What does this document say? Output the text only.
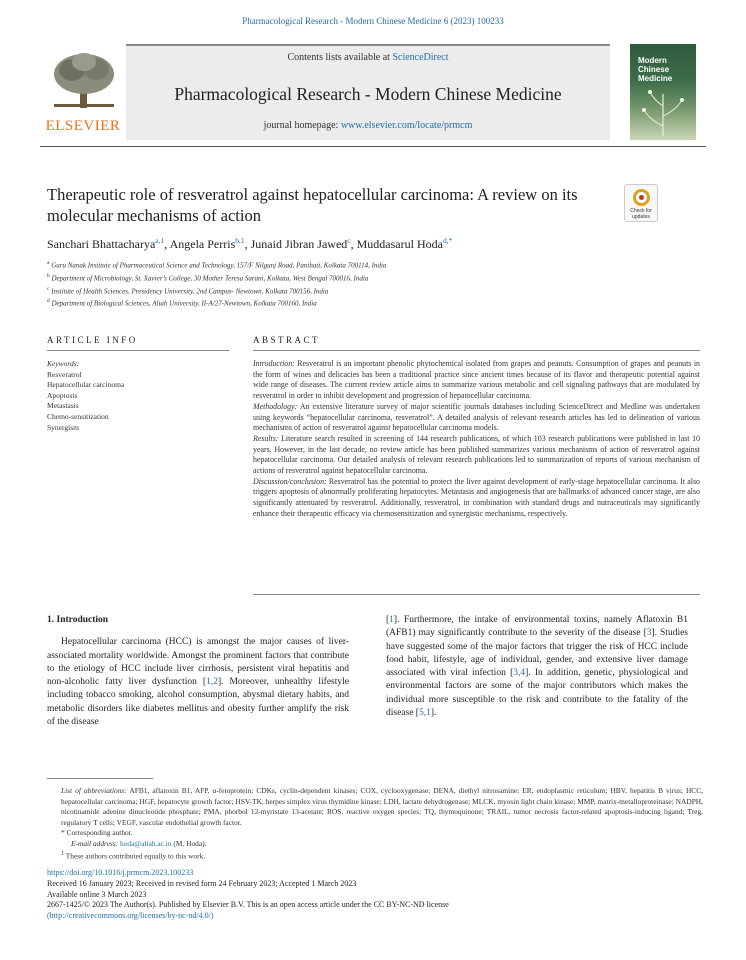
Pharmacological Research - Modern Chinese Medicine 6 (2023) 100233
ELSEVIER
Contents lists available at ScienceDirect
Pharmacological Research - Modern Chinese Medicine
journal homepage: www.elsevier.com/locate/prmcm
Modern
Chinese
Medicine
Therapeutic role of resveratrol against hepatocellular carcinoma: A review on its molecular mechanisms of action	Check for
updates
Sanchari Bhattacharya$^{a,1}$, Angela Perris$^{b,1}$, Junaid Jibran Jawed$^c$, Muddasarul Hoda$^{d,*}$
$^a$ Guru Nanak Institute of Pharmaceutical Science and Technology, 157/F Nilgunj Road, Panihati, Kolkata 700114, India
$^b$ Department of Microbiology, St. Xavier’s College, 30 Mother Teresa Sarani, Kolkata, West Bengal 700016, India
$^c$ Institute of Health Sciences, Presidency University, 2nd Campus- Newtown, Kolkata 700156, India
$^d$ Department of Biological Sciences, Aliah University, II-A/27-Newtown, Kolkata 700160, India
ARTICLE INFO	ABSTRACT
Keywords:
Resveratrol
Hepatocellular carcinoma
Apoptosis
Metastasis
Chemo-sensitization
Synergism

Introduction: Resveratrol is an important phenolic phytochemical isolated from grapes and peanuts. Consumption of grapes and peanuts in the form of wines and delicacies has been a traditional practice since ancient times because of its flavor and therapeutic potential against wide range of diseases. The current review article aims to summarize various metabolic and cell signaling pathways that are modulated by resveratrol in order to inhibit development and progression of hepatocellular carcinoma.

Methodology: An extensive literature survey of major scientific journals databases including ScienceDirect and Medline was undertaken using keywords “hepatocellular carcinoma, resveratrol”. A detailed analysis of relevant research articles has led to delineation of various mechanisms of action of resveratrol against hepatocellular carcinoma models.

Results: Literature search resulted in screening of 144 research publications, of which 103 research publications were published in last 10 years. However, in the last decade, no review article has been published summarizes various mechanisms of action of resveratrol against hepatocellular carcinoma. Our detailed analysis of relevant research publications led to summarization of reports of various mechanism of actions of resveratrol against hepatocellular carcinoma.

Discussion/conclusion: Resveratrol has the potential to protect the liver against development of early-stage hepatocellular carcinoma. It also triggers apoptosis of abnormally proliferating hepatocytes. Metastasis and angiogenesis that are hallmarks of advanced cancer stage, are also significantly attenuated by resveratrol. Additionally, resveratrol, in combination with standard drugs and nutraceuticals may significantly enhance their therapeutic efficacy via chemosensitization and synergistic mechanisms, respectively.

1. Introduction

Hepatocellular carcinoma (HCC) is amongst the major causes of liver-associated mortality worldwide. Amongst the prominent factors that contribute to the etiology of HCC include liver cirrhosis, persistent viral hepatitis and non-alcoholic fatty liver dysfunction [1,2]. Moreover, unhealthy lifestyle including tobacco smoking, alcohol consumption, abysmal dietary habits, and metabolic disorders like diabetes mellitus and obesity further amplify the risk of the disease

[1]. Furthermore, the intake of environmental toxins, namely Aflatoxin B1 (AFB1) may significantly contribute to the severity of the disease [3]. Studies have suggested some of the major factors that trigger the risk of HCC include food habit, lifestyle, age of individual, gender, and extensive liver damage associated with viral infection [3,4]. In addition, genetic, physiological and environmental factors are some of the major contributors which makes the individual more susceptible to the risk and contribute to the fatality of the disease [5,1].

List of abbreviations: AFB1, aflatoxin B1, AFP, α-fetoprotein; CDKs, cyclin-dependent kinases; COX, cyclooxygenase; DENA, diethyl nitrosamine; ER, endoplasmic reticulum; HBV, hepatitis B virus; HCC, hepatocellular carcinoma; HGF, hepatocyte growth factor; HSV-TK, herpes simplex virus thymidine kinase; LDH, lactate dehydrogenase; MLCK, myosin light chain kinase; MMP, matrix-metalloproteinase; NADPH, nicotinamide adenine dinucleotide phosphate; PMA, phorbol 12-myristate 13-acetate; ROS, reactive oxygen species; TQ, thymoquinone; TRAIL, tumor necrosis factor-related apoptosis-inducing ligand; Treg, regulatory T cells; VEGF, vascular endothelial growth factor.
* Corresponding author.
E-mail address: hoda@aliah.ac.in (M. Hoda).
$^1$ These authors contributed equally to this work.
https://doi.org/10.1016/j.prmcm.2023.100233
Received 16 January 2023; Received in revised form 24 February 2023; Accepted 1 March 2023
Available online 3 March 2023
2667-1425/© 2023 The Author(s). Published by Elsevier B.V. This is an open access article under the CC BY-NC-ND license
(http://creativecommons.org/licenses/by-nc-nd/4.0/)
